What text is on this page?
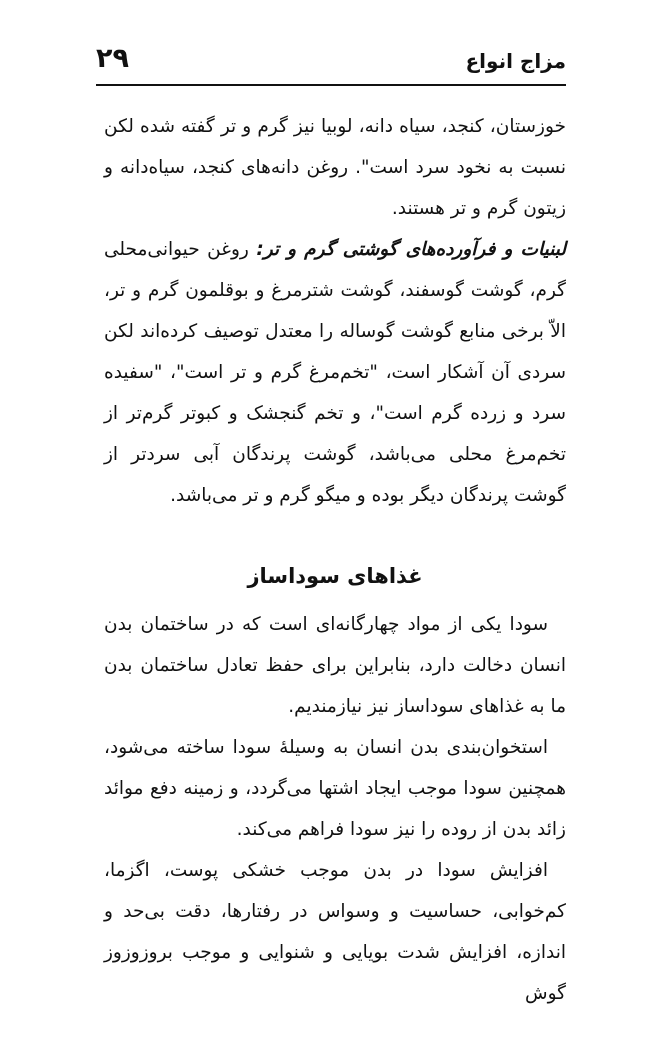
۲۹	مزاج انواع

خوزستان، کنجد، سیاه دانه، لوبیا نیز گرم و تر گفته شده لکن نسبت به نخود سرد است". روغن دانه‌های کنجد، سیاه‌دانه و زیتون گرم و تر هستند.

لبنیات و فرآورده‌های گوشتی گرم و تر: روغن حیوانی‌محلی گرم، گوشت گوسفند، گوشت شترمرغ و بوقلمون گرم و تر، الاّ برخی منابع گوشت گوساله را معتدل توصیف کرده‌اند لکن سردی آن آشکار است، "تخم‌مرغ گرم و تر است"، "سفیده سرد و زرده گرم است"، و تخم گنجشک و کبوتر گرم‌تر از تخم‌مرغ محلی می‌باشد، گوشت پرندگان آبی سردتر از گوشت پرندگان دیگر بوده و میگو گرم و تر می‌باشد.

غذاهای سوداساز

سودا یکی از مواد چهارگانه‌ای است که در ساختمان بدن انسان دخالت دارد، بنابراین برای حفظ تعادل ساختمان بدن ما به غذاهای سوداساز نیز نیازمندیم.

استخوان‌بندی بدن انسان به وسیلهٔ سودا ساخته می‌شود، همچنین سودا موجب ایجاد اشتها می‌گردد، و زمینه دفع موائد زائد بدن از روده را نیز سودا فراهم می‌کند.

افزایش سودا در بدن موجب خشکی پوست، اگزما، کم‌خوابی، حساسیت و وسواس در رفتارها، دقت بی‌حد و اندازه، افزایش شدت بویایی و شنوایی و موجب بروزوزوز گوش
